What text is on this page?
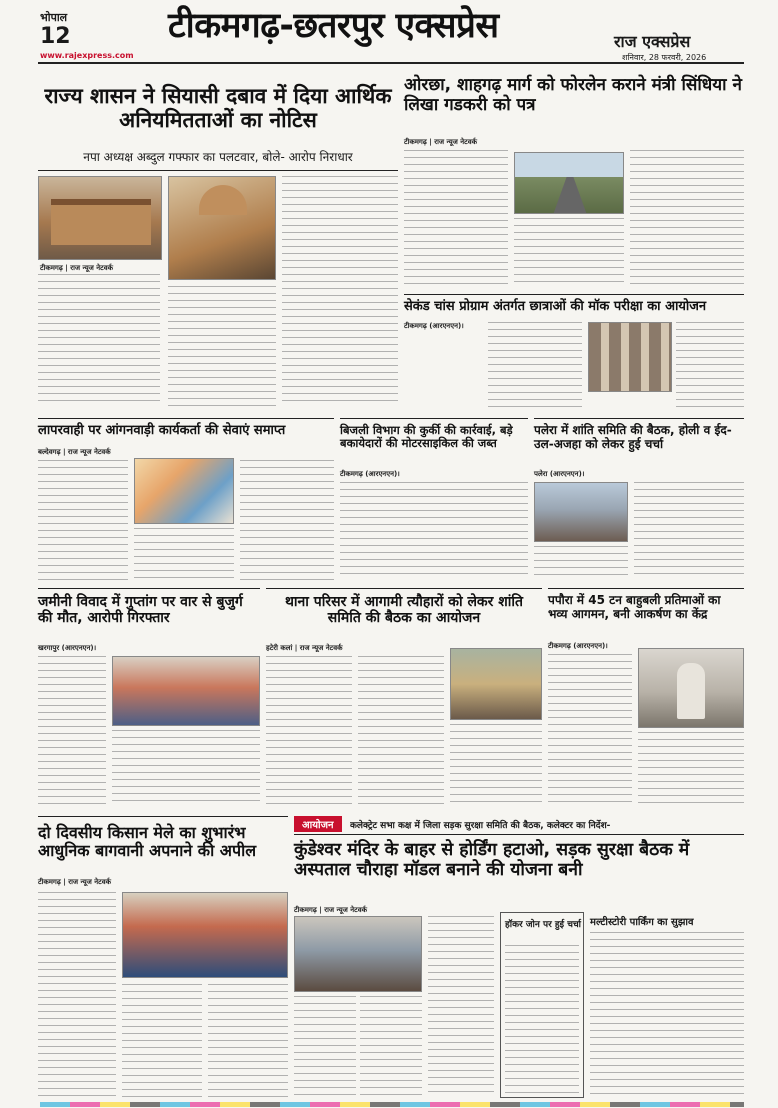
भोपाल
12	टीकमगढ़-छतरपुर एक्सप्रेस	राज एक्सप्रेस
www.rajexpress.com	शनिवार, 28 फरवरी, 2026
राज्य शासन ने सियासी दबाव में दिया आर्थिक अनियमितताओं का नोटिस
नपा अध्यक्ष अब्दुल गफ्फार का पलटवार, बोले- आरोप निराधार
टीकमगढ़ | राज न्यूज नेटवर्क
ओरछा, शाहगढ़ मार्ग को फोरलेन कराने मंत्री सिंधिया ने लिखा गडकरी को पत्र
टीकमगढ़ | राज न्यूज नेटवर्क
सेकंड चांस प्रोग्राम अंतर्गत छात्राओं की मॉक परीक्षा का आयोजन
टीकमगढ़ (आरएनएन)।
लापरवाही पर आंगनवाड़ी कार्यकर्ता की सेवाएं समाप्त
बल्देवगढ़ | राज न्यूज नेटवर्क
बिजली विभाग की कुर्की की कार्रवाई, बड़े बकायेदारों की मोटरसाइकिल की जब्त
टीकमगढ़ (आरएनएन)।
पलेरा में शांति समिति की बैठक, होली व ईद-उल-अजहा को लेकर हुई चर्चा
पलेरा (आरएनएन)।
जमीनी विवाद में गुप्तांग पर वार से बुजुर्ग की मौत, आरोपी गिरफ्तार
खरगापुर (आरएनएन)।
थाना परिसर में आगामी त्यौहारों को लेकर शांति समिति की बैठक का आयोजन
हटेरी कलां | राज न्यूज नेटवर्क
पपौरा में 45 टन बाहुबली प्रतिमाओं का भव्य आगमन, बनी आकर्षण का केंद्र
टीकमगढ़ (आरएनएन)।
दो दिवसीय किसान मेले का शुभारंभ आधुनिक बागवानी अपनाने की अपील
टीकमगढ़ | राज न्यूज नेटवर्क
आयोजन	कलेक्ट्रेट सभा कक्ष में जिला सड़क सुरक्षा समिति की बैठक, कलेक्टर का निर्देश-
कुंडेश्वर मंदिर के बाहर से होर्डिंग हटाओ, सड़क सुरक्षा बैठक में अस्पताल चौराहा मॉडल बनाने की योजना बनी
टीकमगढ़ | राज न्यूज नेटवर्क
हॉकर जोन पर हुई चर्चा मल्टीस्टोरी पार्किंग का सुझाव
